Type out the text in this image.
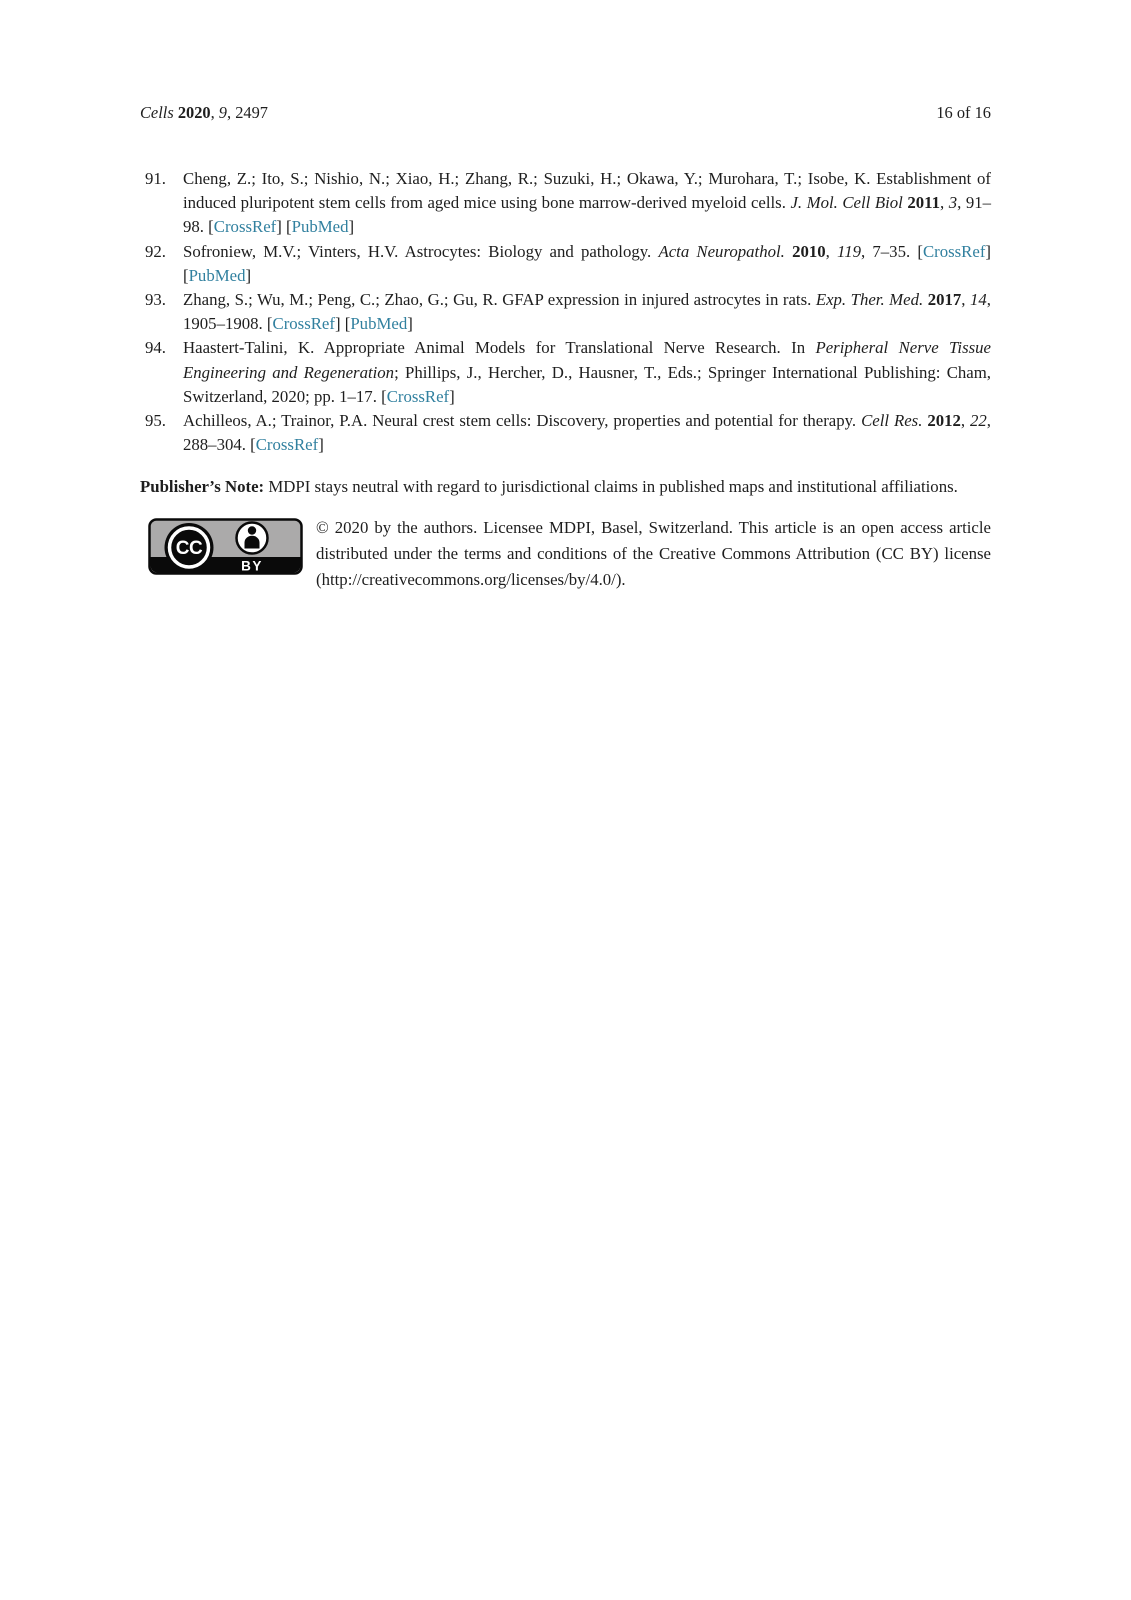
Cells 2020, 9, 2497	16 of 16
91. Cheng, Z.; Ito, S.; Nishio, N.; Xiao, H.; Zhang, R.; Suzuki, H.; Okawa, Y.; Murohara, T.; Isobe, K. Establishment of induced pluripotent stem cells from aged mice using bone marrow-derived myeloid cells. J. Mol. Cell Biol 2011, 3, 91–98. [CrossRef] [PubMed]
92. Sofroniew, M.V.; Vinters, H.V. Astrocytes: Biology and pathology. Acta Neuropathol. 2010, 119, 7–35. [CrossRef] [PubMed]
93. Zhang, S.; Wu, M.; Peng, C.; Zhao, G.; Gu, R. GFAP expression in injured astrocytes in rats. Exp. Ther. Med. 2017, 14, 1905–1908. [CrossRef] [PubMed]
94. Haastert-Talini, K. Appropriate Animal Models for Translational Nerve Research. In Peripheral Nerve Tissue Engineering and Regeneration; Phillips, J., Hercher, D., Hausner, T., Eds.; Springer International Publishing: Cham, Switzerland, 2020; pp. 1–17. [CrossRef]
95. Achilleos, A.; Trainor, P.A. Neural crest stem cells: Discovery, properties and potential for therapy. Cell Res. 2012, 22, 288–304. [CrossRef]

Publisher’s Note: MDPI stays neutral with regard to jurisdictional claims in published maps and institutional affiliations.

CC
BY

© 2020 by the authors. Licensee MDPI, Basel, Switzerland. This article is an open access article distributed under the terms and conditions of the Creative Commons Attribution (CC BY) license (http://creativecommons.org/licenses/by/4.0/).
